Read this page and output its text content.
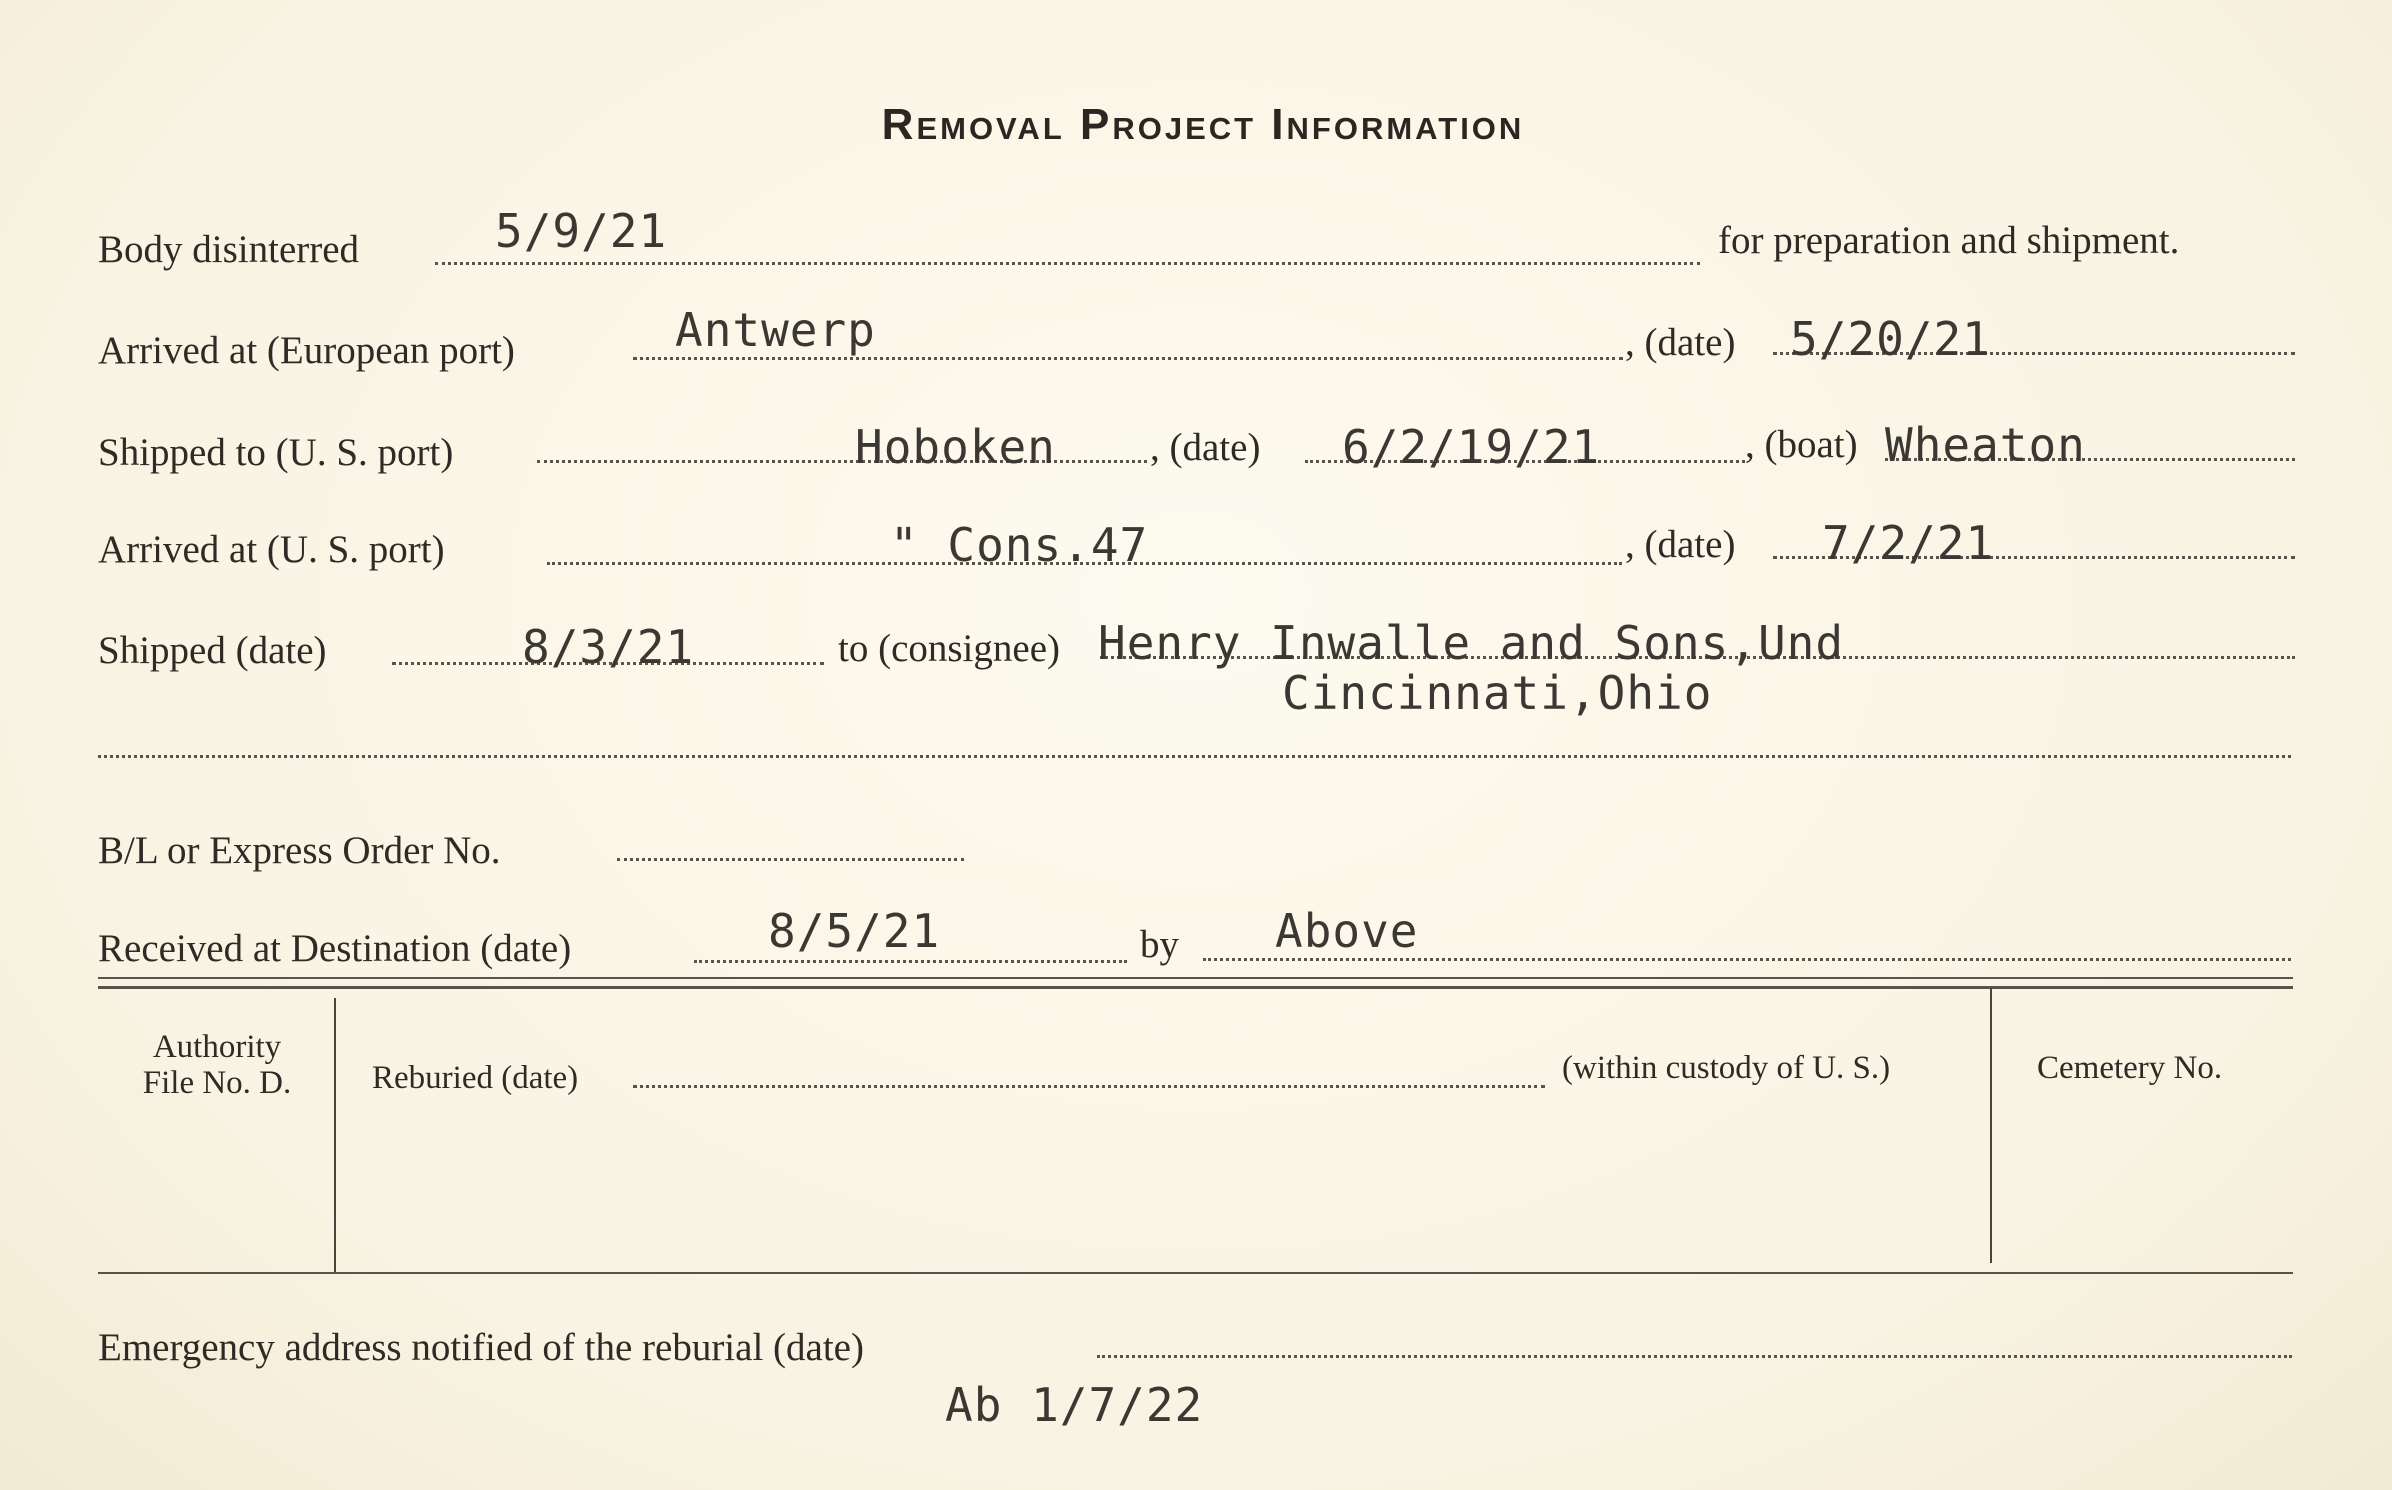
Removal Project Information
Body disinterred	5/9/21	for preparation and shipment.
Arrived at (European port)	Antwerp	, (date) 5/20/21
Shipped to (U. S. port)	Hoboken , (date) 6/2/19/21	, (boat) Wheaton
Arrived at (U. S. port)	" Cons.47	, (date) 7/2/21
Shipped (date)	8/3/21	to (consignee) Henry Inwalle and Sons,Und
Cincinnati,Ohio
B/L or Express Order No.
Received at Destination (date)	8/5/21	by Above
Authority
File No. D.	Reburied (date)	(within custody of U. S.)	Cemetery No.
Emergency address notified of the reburial (date)
Ab 1/7/22
